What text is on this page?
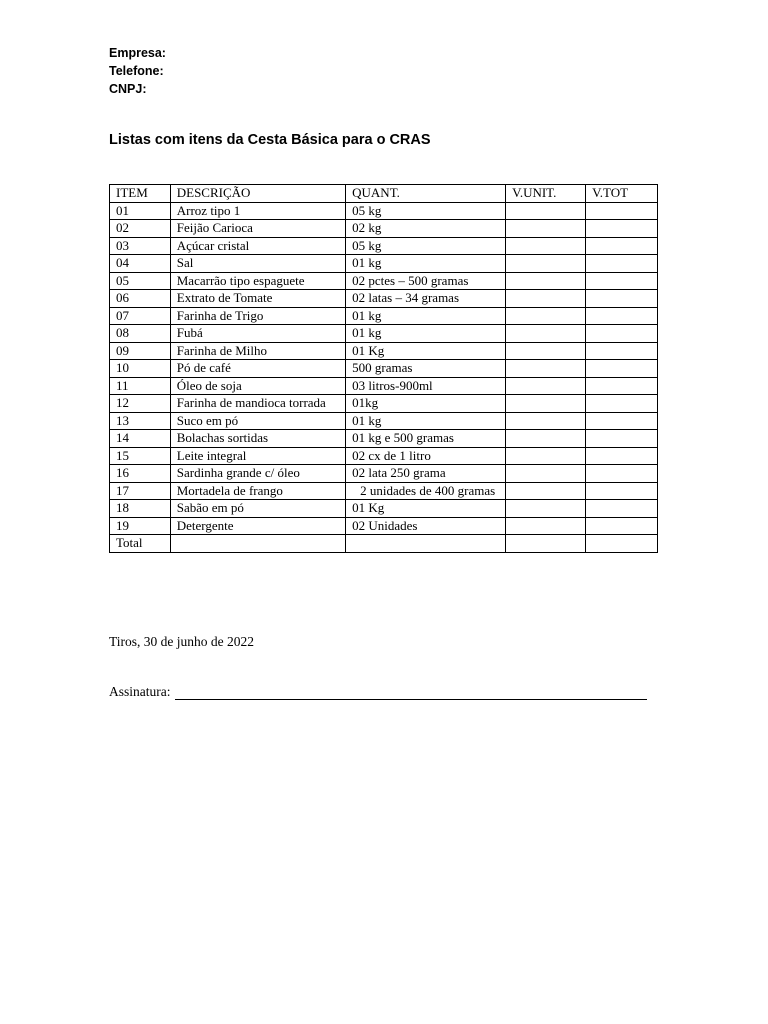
Empresa:
Telefone:
CNPJ:
Listas com itens da Cesta Básica para o CRAS
ITEM	DESCRIÇÃO	QUANT.	V.UNIT.	V.TOT
01	Arroz tipo 1	05 kg		
02	Feijão Carioca	02 kg		
03	Açúcar cristal	05 kg		
04	Sal	01 kg		
05	Macarrão tipo espaguete	02 pctes – 500 gramas		
06	Extrato de Tomate	02 latas – 34 gramas		
07	Farinha de Trigo	01 kg		
08	Fubá	01 kg		
09	Farinha de Milho	01 Kg		
10	Pó de café	500 gramas		
11	Óleo de soja	03 litros-900ml		
12	Farinha de mandioca torrada	01kg		
13	Suco em pó	01 kg		
14	Bolachas sortidas	01 kg e 500 gramas		
15	Leite integral	02 cx de 1 litro		
16	Sardinha grande c/ óleo	02 lata 250 grama		
17	Mortadela de frango	2 unidades de 400 gramas		
18	Sabão em pó	01 Kg		
19	Detergente	02 Unidades		
Total				
Tiros, 30 de junho de 2022
Assinatura:
